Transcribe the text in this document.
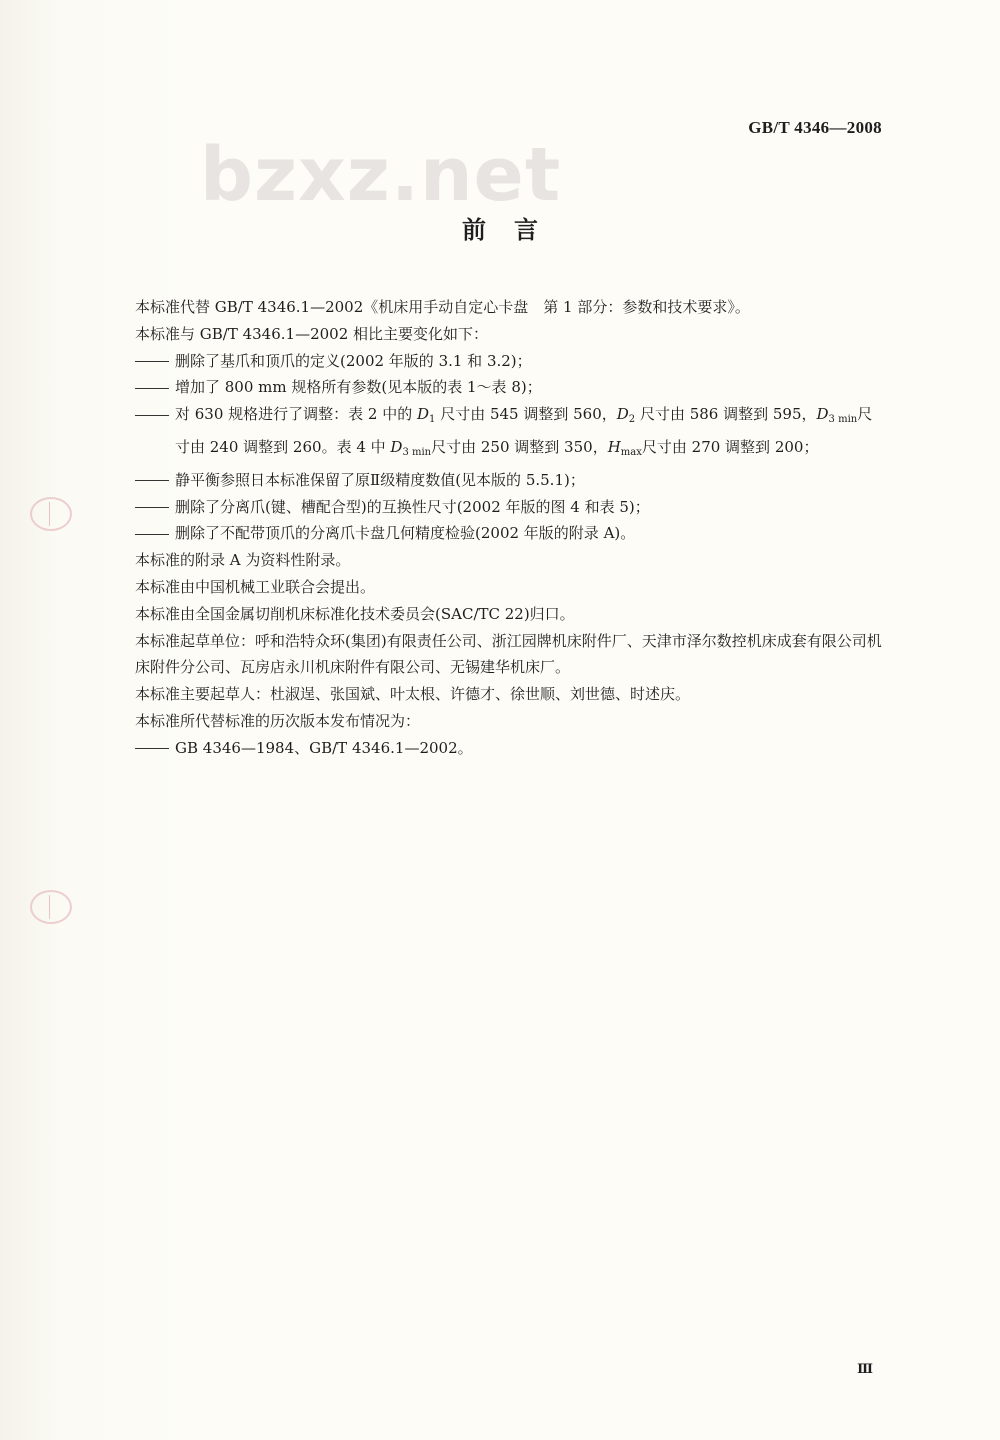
bzxz.net
GB/T 4346—2008
前言

本标准代替 GB/T 4346.1—2002《机床用手动自定心卡盘　第 1 部分：参数和技术要求》。

本标准与 GB/T 4346.1—2002 相比主要变化如下：

删除了基爪和顶爪的定义(2002 年版的 3.1 和 3.2)；

增加了 800 mm 规格所有参数(见本版的表 1～表 8)；

对 630 规格进行了调整：表 2 中的 $D_1$ 尺寸由 545 调整到 560，$D_2$ 尺寸由 586 调整到 595，$D_{3 min}$尺寸由 240 调整到 260。表 4 中 $D_{3 min}$尺寸由 250 调整到 350，$H_{max}$尺寸由 270 调整到 200；

静平衡参照日本标准保留了原Ⅱ级精度数值(见本版的 5.5.1)；

删除了分离爪(键、槽配合型)的互换性尺寸(2002 年版的图 4 和表 5)；

删除了不配带顶爪的分离爪卡盘几何精度检验(2002 年版的附录 A)。

本标准的附录 A 为资料性附录。

本标准由中国机械工业联合会提出。

本标准由全国金属切削机床标准化技术委员会(SAC/TC 22)归口。

本标准起草单位：呼和浩特众环(集团)有限责任公司、浙江园牌机床附件厂、天津市泽尔数控机床成套有限公司机床附件分公司、瓦房店永川机床附件有限公司、无锡建华机床厂。

本标准主要起草人：杜淑逞、张国斌、叶太根、许德才、徐世顺、刘世德、时述庆。

本标准所代替标准的历次版本发布情况为：

GB 4346—1984、GB/T 4346.1—2002。

Ⅲ
